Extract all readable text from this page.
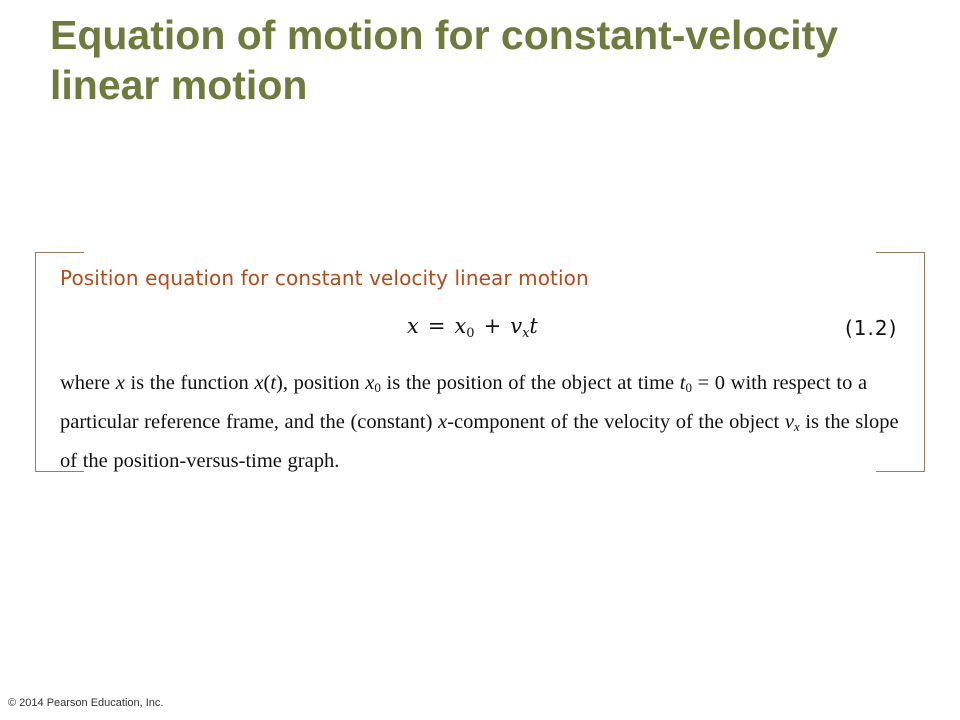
Equation of motion for constant-velocity linear motion
Position equation for constant velocity linear motion
$x = x_0 + v_xt$	(1.2)

where x is the function x(t), position $x_0$ is the position of the object at time $t_0 = 0$ with respect to a particular reference frame, and the (constant) x-component of the velocity of the object $v_x$ is the slope of the position-versus-time graph.

© 2014 Pearson Education, Inc.
